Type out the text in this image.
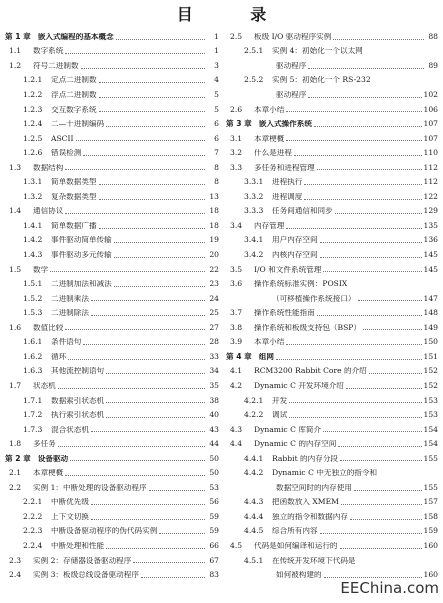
目 录
第 1 章 嵌入式编程的基本概念	1
1.1	数字系统	1
1.2	符号二进制数	3
1.2.1	定点二进制数	4
1.2.2	浮点二进制数	5
1.2.3	交互数字系统	5
1.2.4	二—十进制编码	6
1.2.5	ASCII	6
1.2.6	错误检测	7
1.3	数据结构	8
1.3.1	简单数据类型	8
1.3.2	复杂数据类型	13
1.4	通信协议	18
1.4.1	简单数据广播	18
1.4.2	事件驱动简单传输	19
1.4.3	事件驱动多元传输	20
1.5	数学	22
1.5.1	二进制加法和减法	23
1.5.2	二进制乘法	24
1.5.3	二进制除法	25
1.6	数值比较	27
1.6.1	条件语句	28
1.6.2	循环	33
1.6.3	其他流控制语句	34
1.7	状态机	35
1.7.1	数据索引状态机	38
1.7.2	执行索引状态机	40
1.7.3	混合状态机	43
1.8	多任务	44
第 2 章 设备驱动	50
2.1	本章梗概	50
2.2	实例 1：中断处理的设备驱动程序	53
2.2.1	中断优先级	56
2.2.2	上下文切换	59
2.2.3	中断设备驱动程序的伪代码实例	59
2.2.4	中断处理和性能	66
2.3	实例 2：存储器设备驱动程序	67
2.4	实例 3：板级总线设备驱动程序	83
2.5	板级 I/O 驱动程序实例	88
2.5.1	实例 4：初始化一个以太网
驱动程序	89
2.5.2	实例 5：初始化一个 RS-232
驱动程序	102
2.6	本章小结	106
第 3 章 嵌入式操作系统	107
3.1	本章梗概	107
3.2	什么是进程	110
3.3	多任务和进程管理	112
3.3.1	进程执行	112
3.3.2	进程调度	122
3.3.3	任务间通信和同步	129
3.4	内存管理	135
3.4.1	用户内存空间	136
3.4.2	内核内存空间	145
3.5	I/O 和文件系统管理	145
3.6	操作系统标准实例：POSIX
（可移植操作系统接口）	147
3.7	操作系统性能指南	148
3.8	操作系统和板级支持包（BSP）	149
3.9	本章小结	150
第 4 章 组网	151
4.1	RCM3200 Rabbit Core 的介绍	152
4.2	Dynamic C 开发环境介绍	152
4.2.1	开发	153
4.2.2	调试	153
4.3	Dynamic C 库简介	154
4.4	Dynamic C 的内存空间	154
4.4.1	Rabbit 的内存分段	155
4.4.2	Dynamic C 中无独立的指令和
数据空间时的内存使用	155
4.4.3	把函数放入 XMEM	157
4.4.4	独立的指令和数据内存	158
4.4.5	综合所有内容	159
4.5	代码是如何编译和运行的	160
4.5.1	在传统开发环境下代码是
如何被构建的	160
EEChina.com
